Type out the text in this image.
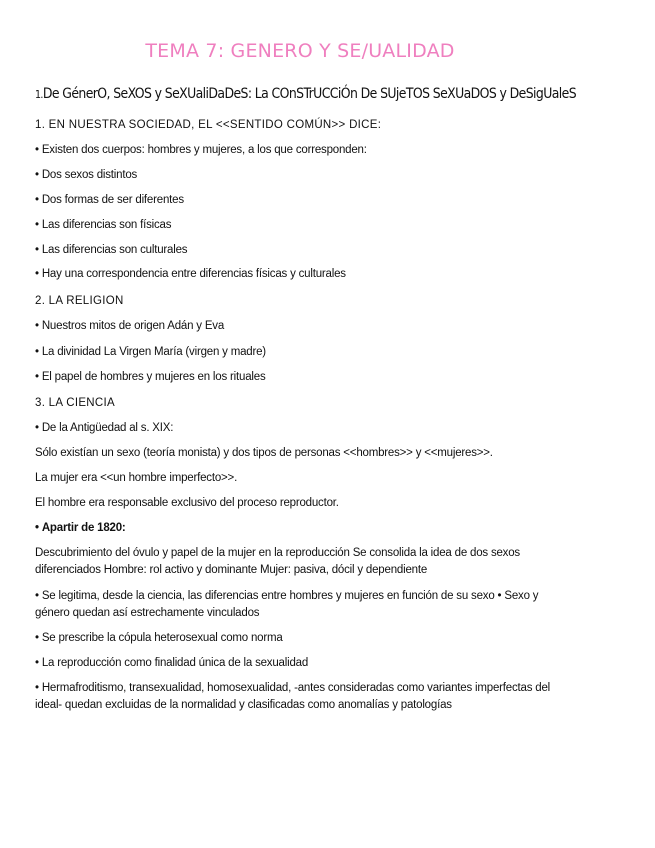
TEMA 7: GENERO Y SE/UALIDAD
1.De GénerO, SeXOS y SeXUaliDaDeS: La COnSTrUCCiÓn De SUjeTOS SeXUaDOS y DeSigUaleS
1. EN NUESTRA SOCIEDAD, EL <<SENTIDO COMÚN>> DICE:
• Existen dos cuerpos: hombres y mujeres, a los que corresponden:
• Dos sexos distintos
• Dos formas de ser diferentes
• Las diferencias son físicas
• Las diferencias son culturales
• Hay una correspondencia entre diferencias físicas y culturales
2. LA RELIGION
• Nuestros mitos de origen Adán y Eva
• La divinidad La Virgen María (virgen y madre)
• El papel de hombres y mujeres en los rituales
3. LA CIENCIA
• De la Antigüedad al s. XIX:
Sólo existían un sexo (teoría monista) y dos tipos de personas <<hombres>> y <<mujeres>>.
La mujer era <<un hombre imperfecto>>.
El hombre era responsable exclusivo del proceso reproductor.
• Apartir de 1820:
Descubrimiento del óvulo y papel de la mujer en la reproducción Se consolida la idea de dos sexos diferenciados Hombre: rol activo y dominante Mujer: pasiva, dócil y dependiente
• Se legitima, desde la ciencia, las diferencias entre hombres y mujeres en función de su sexo • Sexo y género quedan así estrechamente vinculados
• Se prescribe la cópula heterosexual como norma
• La reproducción como finalidad única de la sexualidad
• Hermafroditismo, transexualidad, homosexualidad, -antes consideradas como variantes imperfectas del ideal- quedan excluidas de la normalidad y clasificadas como anomalías y patologías
